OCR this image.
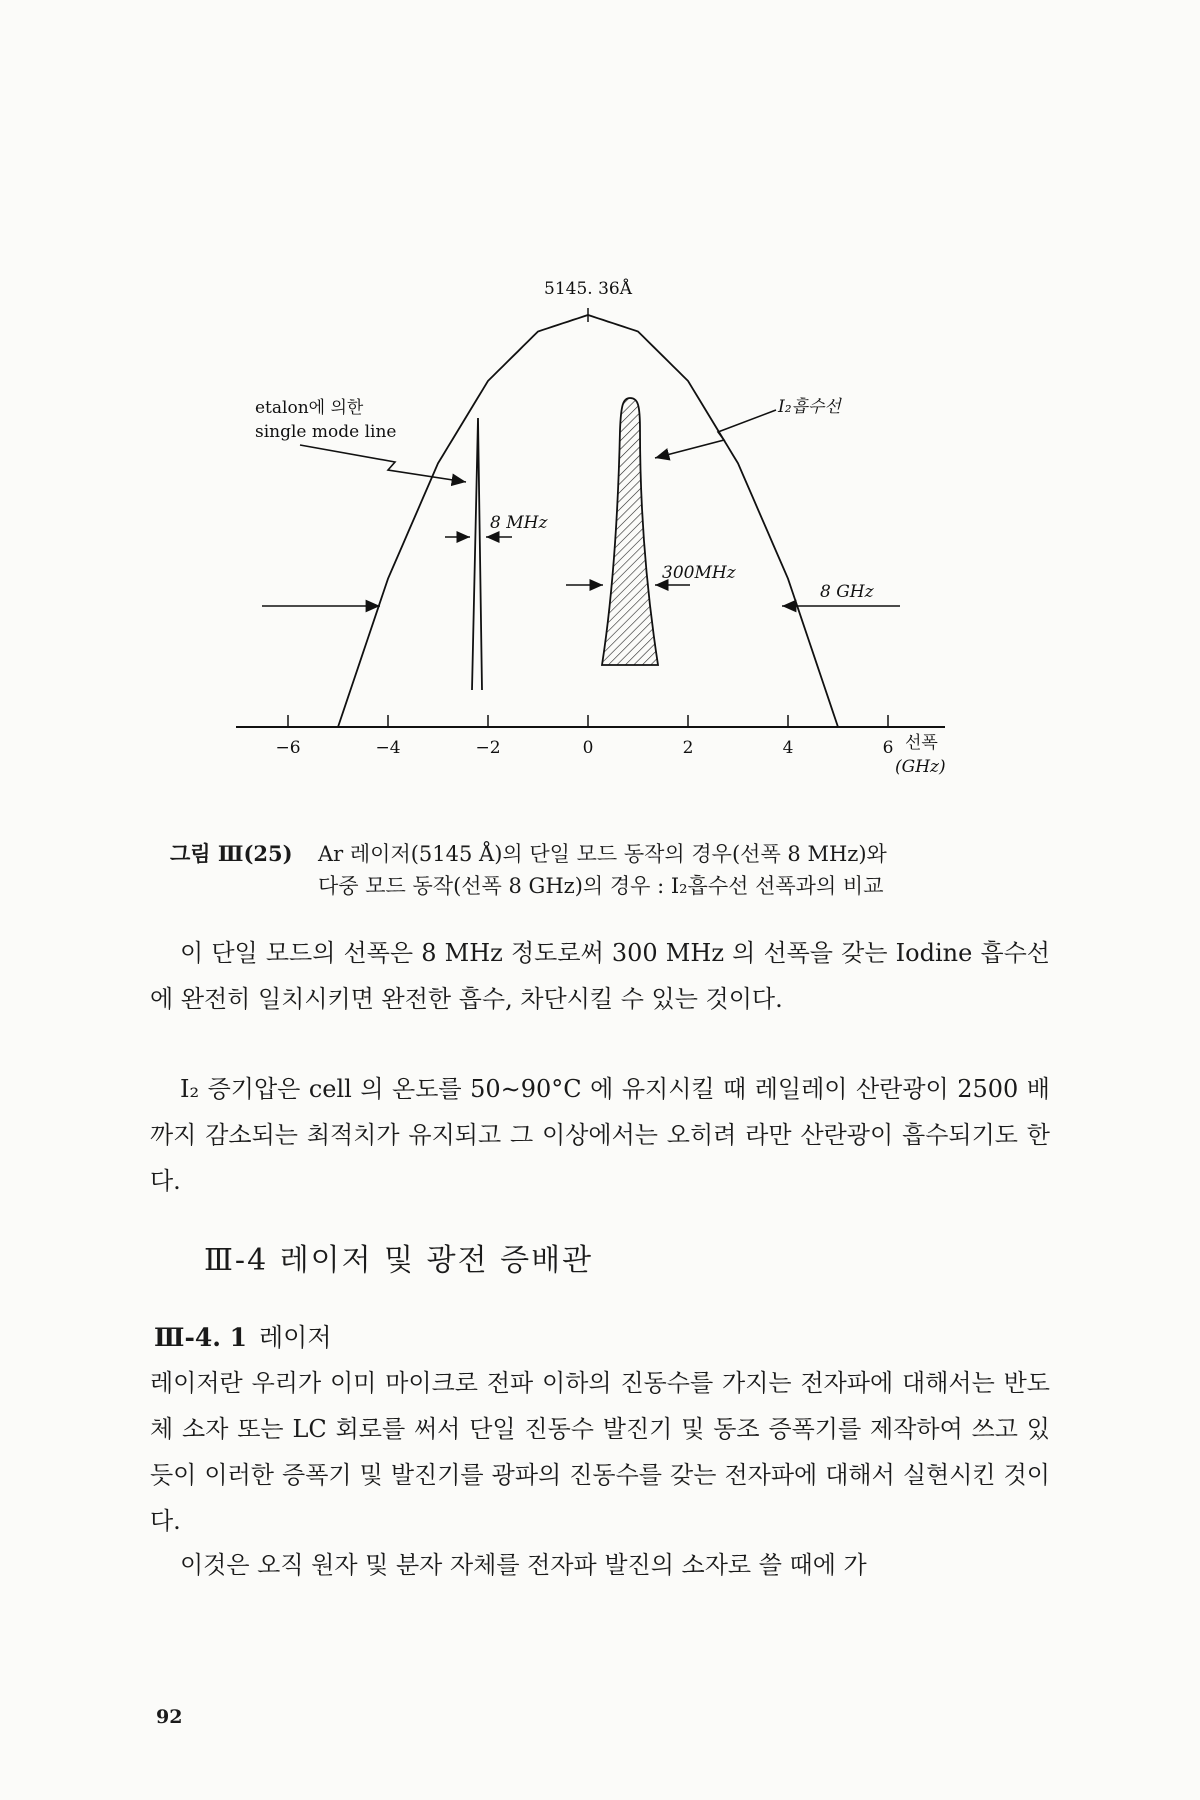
−6	−4	−2	0	2	4	6 선폭
(GHz)
5145. 36Å
etalon에 의한
single mode line
8 MHz
I₂흡수선
300MHz
8 GHz
그림 Ⅲ(25) Ar 레이저(5145 Å)의 단일 모드 동작의 경우(선폭 8 MHz)와
다중 모드 동작(선폭 8 GHz)의 경우 : I₂흡수선 선폭과의 비교
이 단일 모드의 선폭은 8 MHz 정도로써 300 MHz 의 선폭을 갖는 Iodine 흡수선에 완전히 일치시키면 완전한 흡수, 차단시킬 수 있는 것이다.
I₂ 증기압은 cell 의 온도를 50∼90°C 에 유지시킬 때 레일레이 산란광이 2500 배까지 감소되는 최적치가 유지되고 그 이상에서는 오히려 라만 산란광이 흡수되기도 한다.
Ⅲ-4 레이저 및 광전 증배관
Ⅲ-4. 1 레이저
레이저란 우리가 이미 마이크로 전파 이하의 진동수를 가지는 전자파에 대해서는 반도체 소자 또는 LC 회로를 써서 단일 진동수 발진기 및 동조 증폭기를 제작하여 쓰고 있듯이 이러한 증폭기 및 발진기를 광파의 진동수를 갖는 전자파에 대해서 실현시킨 것이다.
이것은 오직 원자 및 분자 자체를 전자파 발진의 소자로 쓸 때에 가
92
